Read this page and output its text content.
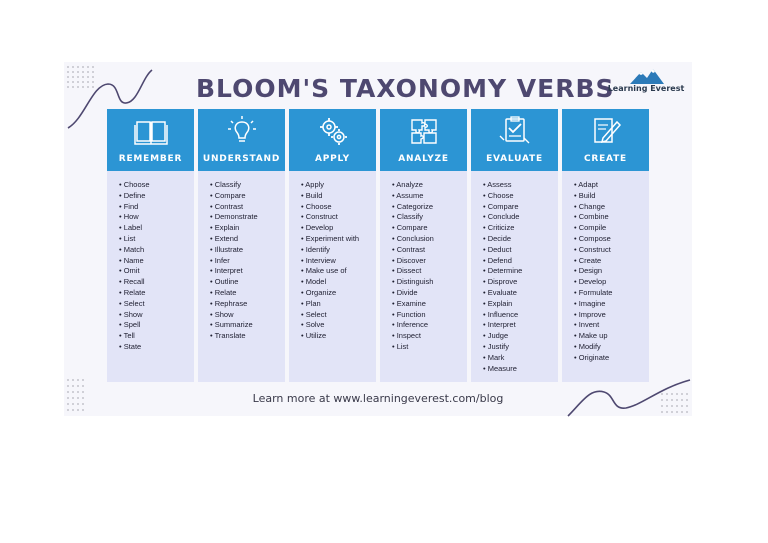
BLOOM'S TAXONOMY VERBS
Learning Everest
REMEMBER
• Choose
• Define
• Find
• How
• Label
• List
• Match
• Name
• Omit
• Recall
• Relate
• Select
• Show
• Spell
• Tell
• State
UNDERSTAND
• Classify
• Compare
• Contrast
• Demonstrate
• Explain
• Extend
• Illustrate
• Infer
• Interpret
• Outline
• Relate
• Rephrase
• Show
• Summarize
• Translate
APPLY
• Apply
• Build
• Choose
• Construct
• Develop
• Experiment with
• Identify
• Interview
• Make use of
• Model
• Organize
• Plan
• Select
• Solve
• Utilize
ANALYZE
• Analyze
• Assume
• Categorize
• Classify
• Compare
• Conclusion
• Contrast
• Discover
• Dissect
• Distinguish
• Divide
• Examine
• Function
• Inference
• Inspect
• List
EVALUATE
• Assess
• Choose
• Compare
• Conclude
• Criticize
• Decide
• Deduct
• Defend
• Determine
• Disprove
• Evaluate
• Explain
• Influence
• Interpret
• Judge
• Justify
• Mark
• Measure
CREATE
• Adapt
• Build
• Change
• Combine
• Compile
• Compose
• Construct
• Create
• Design
• Develop
• Formulate
• Imagine
• Improve
• Invent
• Make up
• Modify
• Originate
Learn more at www.learningeverest.com/blog
